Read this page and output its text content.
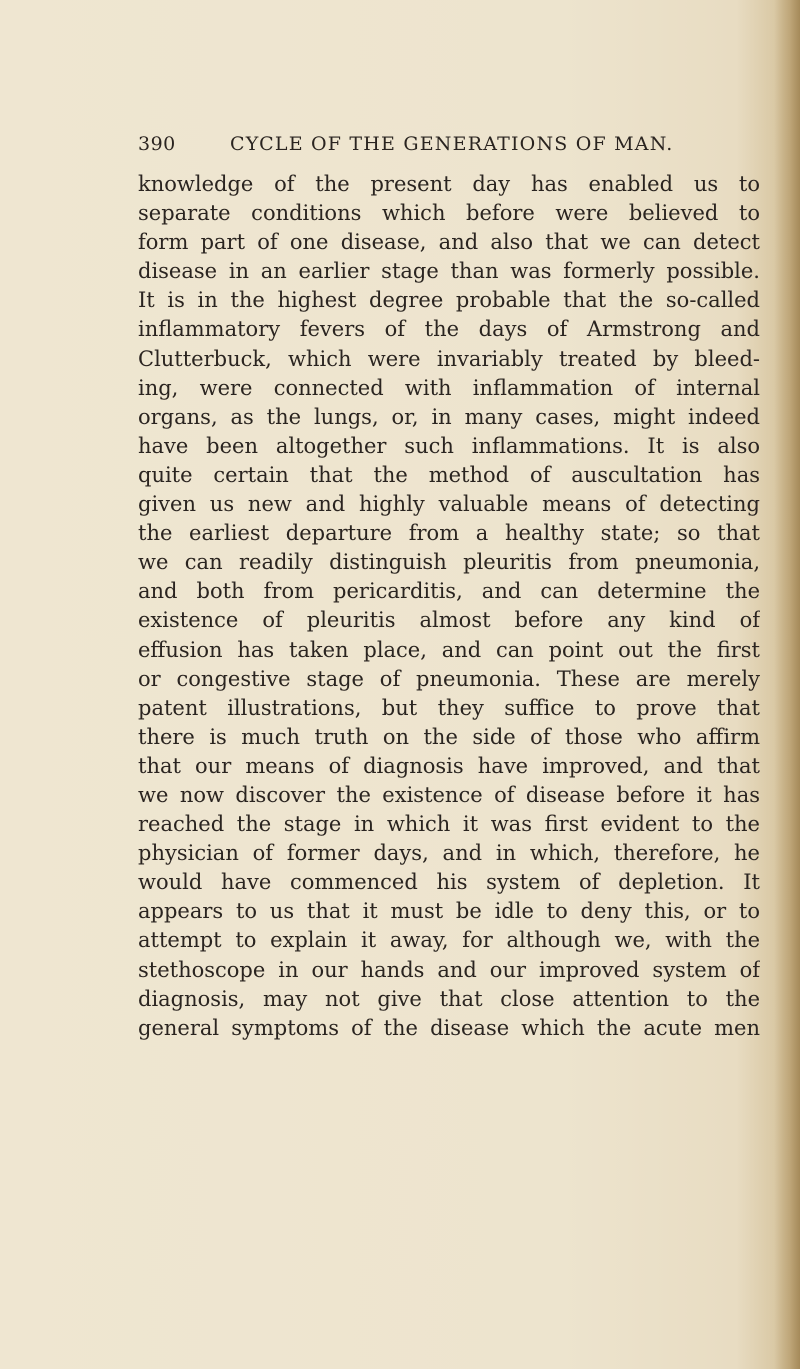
390	CYCLE OF THE GENERATIONS OF MAN.
knowledge of the present day has enabled us to
separate conditions which before were believed to
form part of one disease, and also that we can detect
disease in an earlier stage than was formerly possible.
It is in the highest degree probable that the so-called
inflammatory fevers of the days of Armstrong and
Clutterbuck, which were invariably treated by bleed-
ing, were connected with inflammation of internal
organs, as the lungs, or, in many cases, might indeed
have been altogether such inflammations. It is also
quite certain that the method of auscultation has
given us new and highly valuable means of detecting
the earliest departure from a healthy state; so that
we can readily distinguish pleuritis from pneumonia,
and both from pericarditis, and can determine the
existence of pleuritis almost before any kind of
effusion has taken place, and can point out the first
or congestive stage of pneumonia. These are merely
patent illustrations, but they suffice to prove that
there is much truth on the side of those who affirm
that our means of diagnosis have improved, and that
we now discover the existence of disease before it has
reached the stage in which it was first evident to the
physician of former days, and in which, therefore, he
would have commenced his system of depletion. It
appears to us that it must be idle to deny this, or to
attempt to explain it away, for although we, with the
stethoscope in our hands and our improved system of
diagnosis, may not give that close attention to the
general symptoms of the disease which the acute men
